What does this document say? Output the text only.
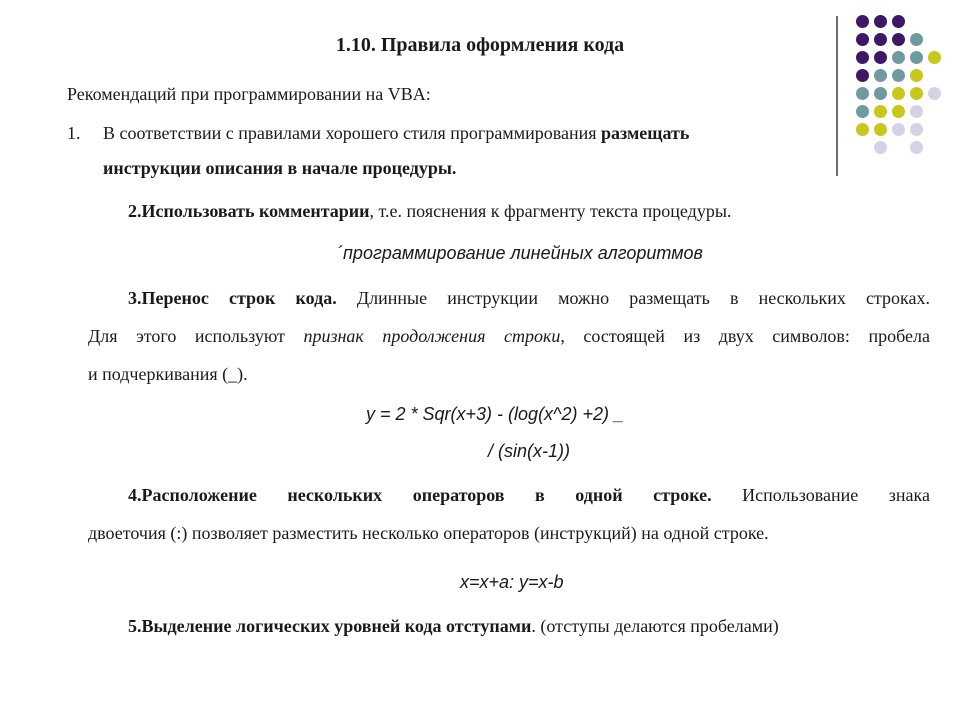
1.10. Правила оформления кода
Рекомендаций при программировании на VBA:
1. В соответствии с правилами хорошего стиля программирования размещать
инструкции описания в начале процедуры.
2.Использовать комментарии, т.е. пояснения к фрагменту текста процедуры.
´программирование линейных алгоритмов
3.Перенос строк кода. Длинные инструкции можно размещать в нескольких строках.
Для этого используют признак продолжения строки, состоящей из двух символов: пробела
и подчеркивания (_).
y = 2 * Sqr(x+3) - (log(x^2) +2) _
/ (sin(x-1))
4.Расположение нескольких операторов в одной строке. Использование знака
двоеточия (:) позволяет разместить несколько операторов (инструкций) на одной строке.
x=x+a: y=x-b
5.Выделение логических уровней кода отступами. (отступы делаются пробелами)
